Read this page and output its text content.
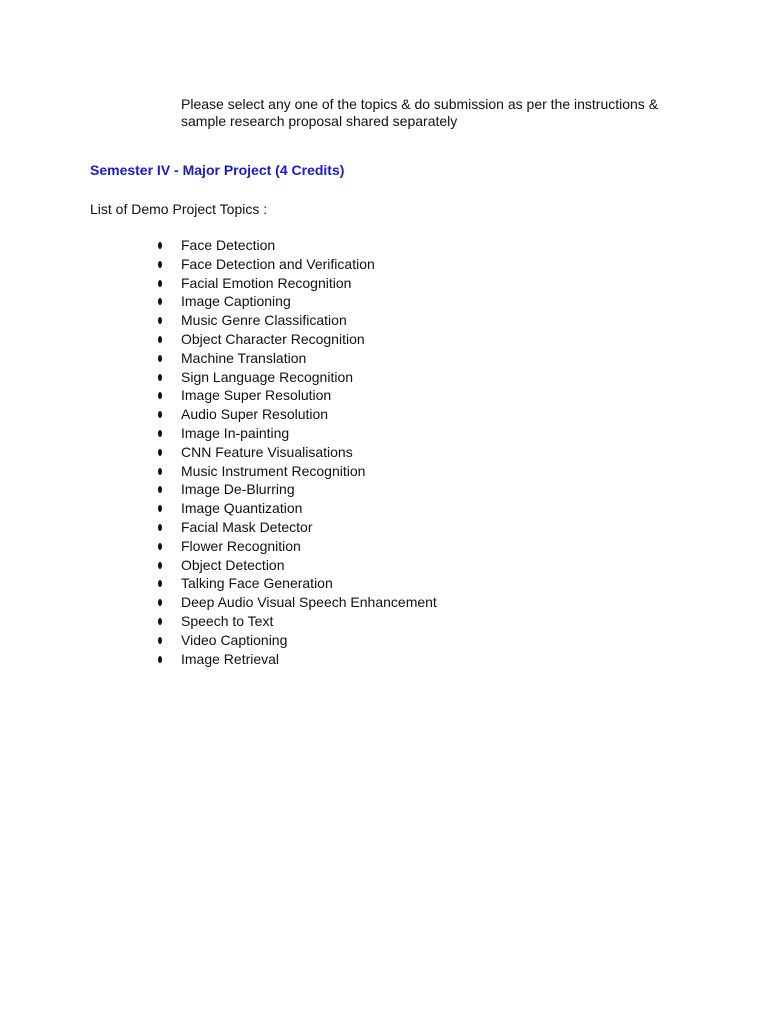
Please select any one of the topics & do submission as per the instructions &
sample research proposal shared separately

Semester IV - Major Project (4 Credits)

List of Demo Project Topics :

Face Detection
Face Detection and Verification
Facial Emotion Recognition
Image Captioning
Music Genre Classification
Object Character Recognition
Machine Translation
Sign Language Recognition
Image Super Resolution
Audio Super Resolution
Image In-painting
CNN Feature Visualisations
Music Instrument Recognition
Image De-Blurring
Image Quantization
Facial Mask Detector
Flower Recognition
Object Detection
Talking Face Generation
Deep Audio Visual Speech Enhancement
Speech to Text
Video Captioning
Image Retrieval
